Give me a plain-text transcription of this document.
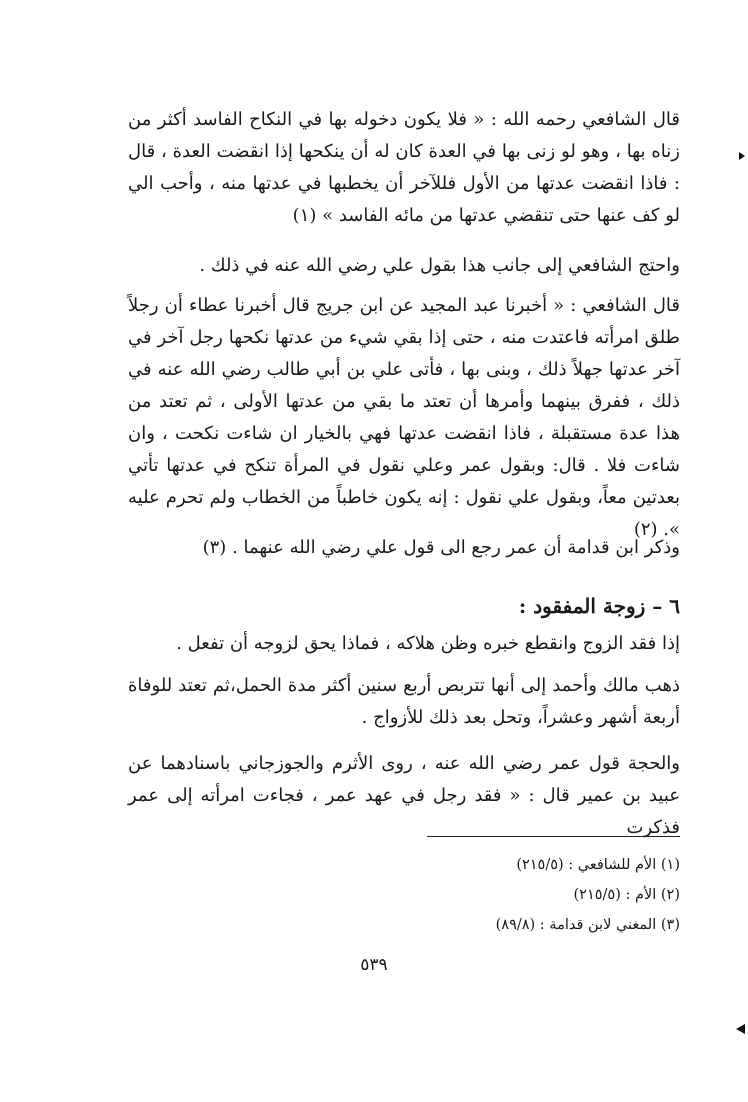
قال الشافعي رحمه الله : « فلا يكون دخوله بها في النكاح الفاسد أكثر من زناه بها ، وهو لو زنى بها في العدة كان له أن ينكحها إذا انقضت العدة ، قال : فاذا انقضت عدتها من الأول فللآخر أن يخطبها في عدتها منه ، وأحب الي لو كف عنها حتى تنقضي عدتها من مائه الفاسد » (١)

واحتج الشافعي إلى جانب هذا بقول علي رضي الله عنه في ذلك .

قال الشافعي : « أخبرنا عبد المجيد عن ابن جريج قال أخبرنا عطاء أن رجلاً طلق امرأته فاعتدت منه ، حتى إذا بقي شيء من عدتها نكحها رجل آخر في آخر عدتها جهلاً ذلك ، وبنى بها ، فأتى علي بن أبي طالب رضي الله عنه في ذلك ، ففرق بينهما وأمرها أن تعتد ما بقي من عدتها الأولى ، ثم تعتد من هذا عدة مستقبلة ، فاذا انقضت عدتها فهي بالخيار ان شاءت نكحت ، وان شاءت فلا . قال: وبقول عمر وعلي نقول في المرأة تنكح في عدتها تأتي بعدتين معاً، وبقول علي نقول : إنه يكون خاطباً من الخطاب ولم تحرم عليه ». (٢)

وذكر ابن قدامة أن عمر رجع الى قول علي رضي الله عنهما . (٣)

٦ – زوجة المفقود :

إذا فقد الزوج وانقطع خبره وظن هلاكه ، فماذا يحق لزوجه أن تفعل .

ذهب مالك وأحمد إلى أنها تتربص أربع سنين أكثر مدة الحمل،ثم تعتد للوفاة أربعة أشهر وعشراً، وتحل بعد ذلك للأزواج .

والحجة قول عمر رضي الله عنه ، روى الأثرم والجوزجاني باسنادهما عن عبيد بن عمير قال : « فقد رجل في عهد عمر ، فجاءت امرأته إلى عمر فذكرت

(١) الأم للشافعي : (٢١٥/٥)
(٢) الأم : (٢١٥/٥)
(٣) المغني لابن قدامة : (٨٩/٨)
٥٣٩
